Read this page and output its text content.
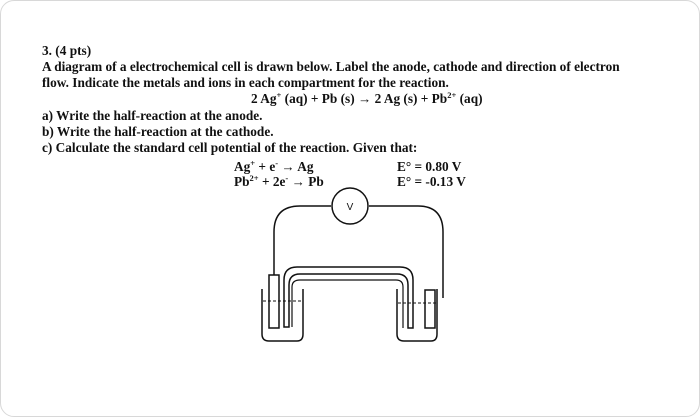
3. (4 pts)
A diagram of a electrochemical cell is drawn below. Label the anode, cathode and direction of electron
flow. Indicate the metals and ions in each compartment for the reaction.
2 Ag+ (aq) + Pb (s) → 2 Ag $(s) + Pb^{2+}$ (aq)
a) Write the half-reaction at the anode.
b) Write the half-reaction at the cathode.
c) Calculate the standard cell potential of the reaction. Given that:
Ag+ + e- → Ag
$Pb^{2+} + 2e^- \to Pb$
E° = 0.80 V
E° = -0.13 V
V
